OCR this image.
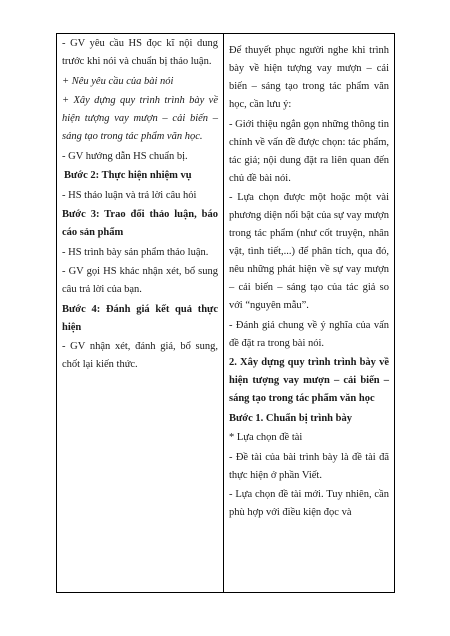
- GV yêu cầu HS đọc kĩ nội dung trước khi nói và chuẩn bị thảo luận.

+ Nêu yêu cầu của bài nói

+ Xây dựng quy trình trình bày về hiện tượng vay mượn – cải biến – sáng tạo trong tác phẩm văn học.

- GV hướng dẫn HS chuẩn bị.

Bước 2: Thực hiện nhiệm vụ

- HS thảo luận và trả lời câu hỏi

Bước 3: Trao đổi thảo luận, báo cáo sản phẩm

- HS trình bày sản phẩm thảo luận.

- GV gọi HS khác nhận xét, bổ sung câu trả lời của bạn.

Bước 4: Đánh giá kết quả thực hiện

- GV nhận xét, đánh giá, bổ sung, chốt lại kiến thức.

Để thuyết phục người nghe khi trình bày về hiện tượng vay mượn – cải biến – sáng tạo trong tác phẩm văn học, cần lưu ý:

- Giới thiệu ngắn gọn những thông tin chính về vấn đề được chọn: tác phẩm, tác giả; nội dung đặt ra liên quan đến chủ đề bài nói.

- Lựa chọn được một hoặc một vài phương diện nổi bật của sự vay mượn trong tác phẩm (như cốt truyện, nhân vật, tình tiết,...) để phân tích, qua đó, nêu những phát hiện về sự vay mượn – cải biến – sáng tạo của tác giả so với “nguyên mẫu”.

- Đánh giá chung về ý nghĩa của vấn đề đặt ra trong bài nói.

2. Xây dựng quy trình trình bày về hiện tượng vay mượn – cải biến – sáng tạo trong tác phẩm văn học

Bước 1. Chuẩn bị trình bày

* Lựa chọn đề tài

- Đề tài của bài trình bày là đề tài đã thực hiện ở phần Viết.

- Lựa chọn đề tài mới. Tuy nhiên, cần phù hợp với điều kiện đọc và
